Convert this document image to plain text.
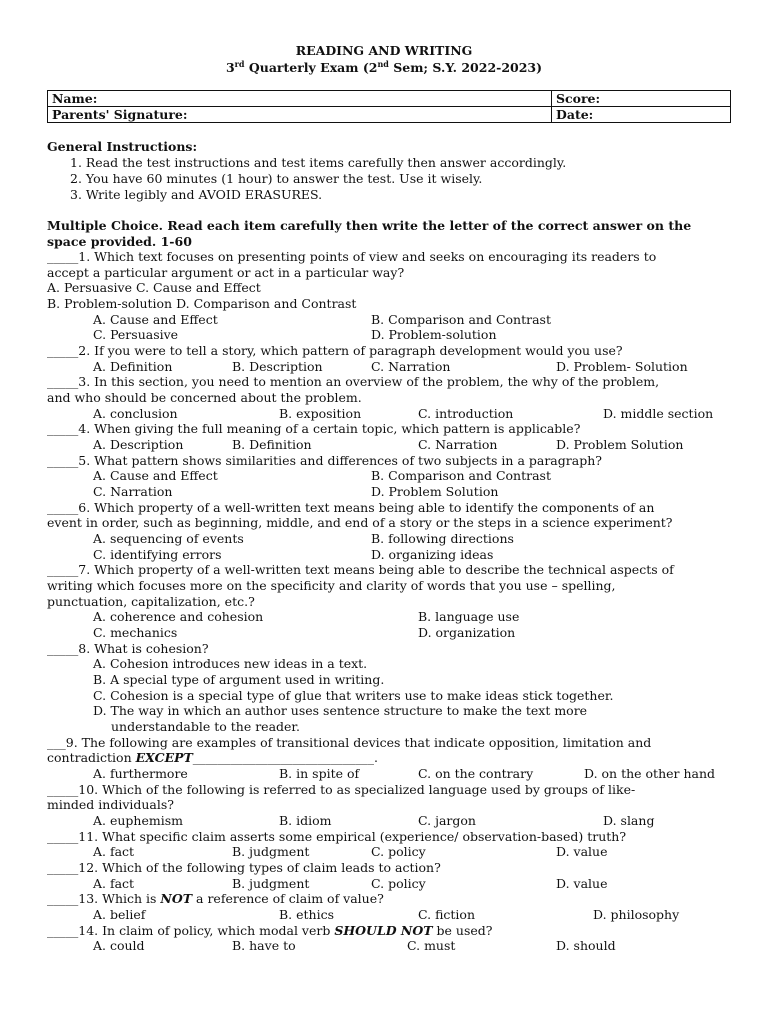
READING AND WRITING
3rd Quarterly Exam (2nd Sem; S.Y. 2022-2023)
Name:	Score:
Parents' Signature:	Date:
General Instructions:
1. Read the test instructions and test items carefully then answer accordingly.
2. You have 60 minutes (1 hour) to answer the test. Use it wisely.
3. Write legibly and AVOID ERASURES.
Multiple Choice. Read each item carefully then write the letter of the correct answer on the
space provided. 1-60
_____1. Which text focuses on presenting points of view and seeks on encouraging its readers to
accept a particular argument or act in a particular way?
A. Persuasive C. Cause and Effect
B. Problem-solution D. Comparison and Contrast
A. Cause and Effect	B. Comparison and Contrast
C. Persuasive	D. Problem-solution
_____2. If you were to tell a story, which pattern of paragraph development would you use?
A. Definition	B. Description	C. Narration	D. Problem- Solution
_____3. In this section, you need to mention an overview of the problem, the why of the problem,
and who should be concerned about the problem.
A. conclusion	B. exposition	C. introduction	D. middle section
_____4. When giving the full meaning of a certain topic, which pattern is applicable?
A. Description	B. Definition	C. Narration	D. Problem Solution
_____5. What pattern shows similarities and differences of two subjects in a paragraph?
A. Cause and Effect	B. Comparison and Contrast
C. Narration	D. Problem Solution
_____6. Which property of a well-written text means being able to identify the components of an
event in order, such as beginning, middle, and end of a story or the steps in a science experiment?
A. sequencing of events	B. following directions
C. identifying errors	D. organizing ideas
_____7. Which property of a well-written text means being able to describe the technical aspects of
writing which focuses more on the specificity and clarity of words that you use – spelling,
punctuation, capitalization, etc.?
A. coherence and cohesion	B. language use
C. mechanics	D. organization
_____8. What is cohesion?
A. Cohesion introduces new ideas in a text.
B. A special type of argument used in writing.
C. Cohesion is a special type of glue that writers use to make ideas stick together.
D. The way in which an author uses sentence structure to make the text more
understandable to the reader.
___9. The following are examples of transitional devices that indicate opposition, limitation and
contradiction EXCEPT_____________________________.
A. furthermore	B. in spite of	C. on the contrary	D. on the other hand
_____10. Which of the following is referred to as specialized language used by groups of like-
minded individuals?
A. euphemism	B. idiom	C. jargon	D. slang
_____11. What specific claim asserts some empirical (experience/ observation-based) truth?
A. fact	B. judgment	C. policy	D. value
_____12. Which of the following types of claim leads to action?
A. fact	B. judgment	C. policy	D. value
_____13. Which is NOT a reference of claim of value?
A. belief	B. ethics	C. fiction	D. philosophy
_____14. In claim of policy, which modal verb SHOULD NOT be used?
A. could	B. have to	C. must	D. should
